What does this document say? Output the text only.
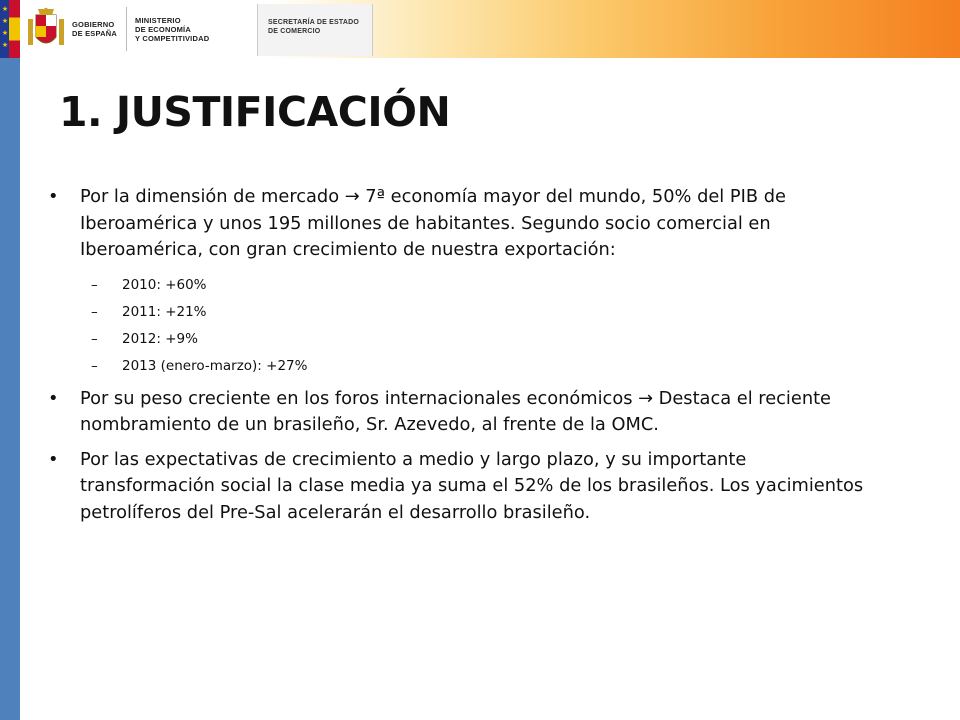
★
★
★
★
GOBIERNO
DE ESPAÑA
MINISTERIO
DE ECONOMÍA
Y COMPETITIVIDAD
SECRETARÍA DE ESTADO
DE COMERCIO
1. JUSTIFICACIÓN
•	Por la dimensión de mercado → 7ª economía mayor del mundo, 50% del PIB de Iberoamérica y unos 195 millones de habitantes. Segundo socio comercial en Iberoamérica, con gran crecimiento de nuestra exportación:
–	2010: +60%
–	2011: +21%
–	2012: +9%
–	2013 (enero-marzo): +27%
•	Por su peso creciente en los foros internacionales económicos → Destaca el reciente nombramiento de un brasileño, Sr. Azevedo, al frente de la OMC.
•	Por las expectativas de crecimiento a medio y largo plazo, y su importante transformación social la clase media ya suma el 52% de los brasileños. Los yacimientos petrolíferos del Pre-Sal acelerarán el desarrollo brasileño.
